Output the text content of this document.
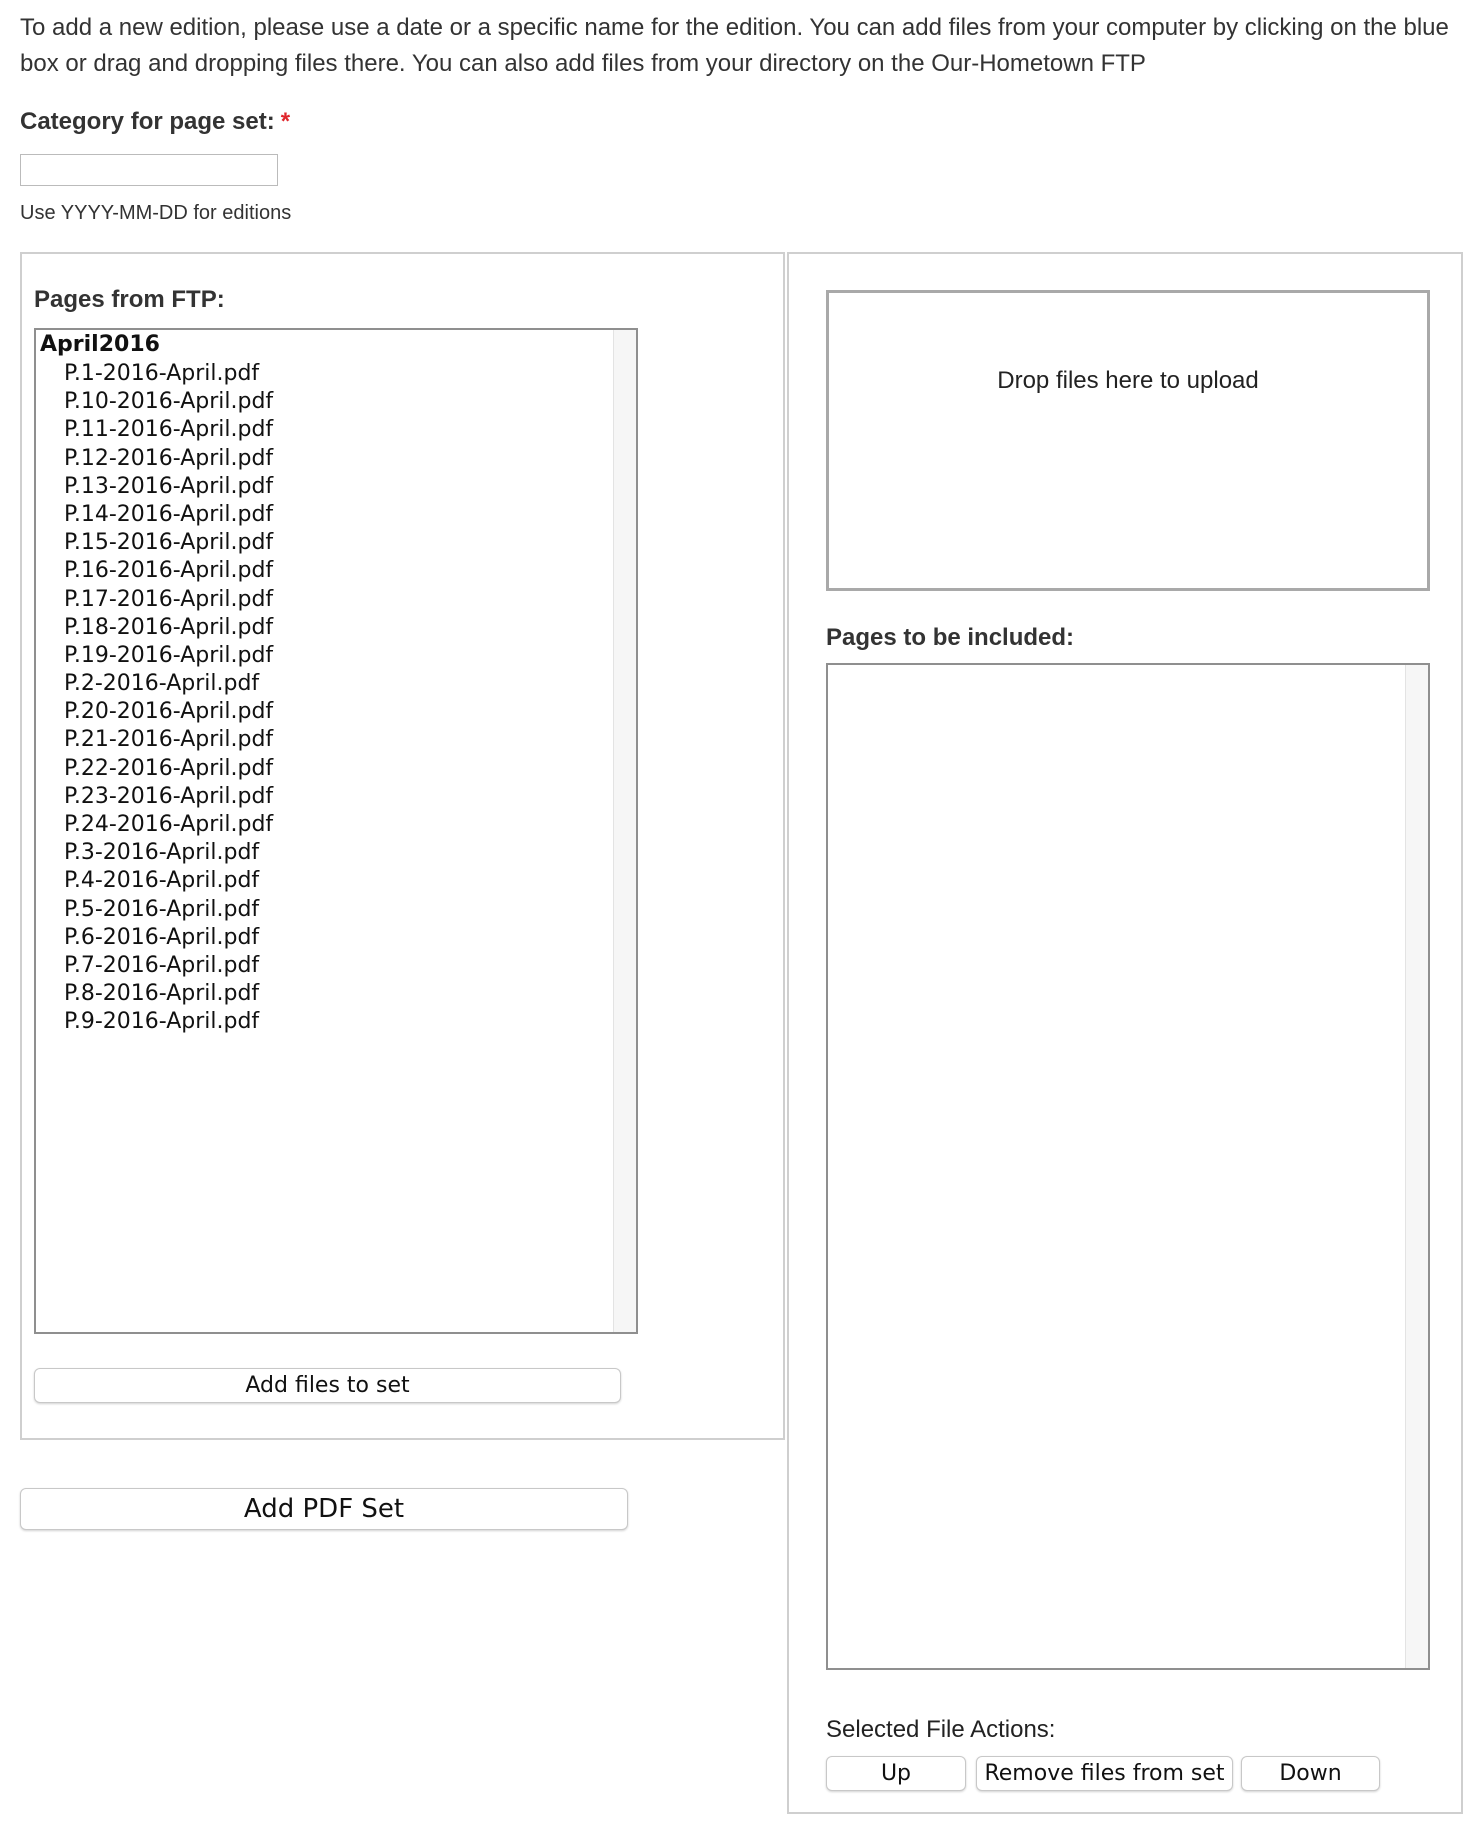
To add a new edition, please use a date or a specific name for the edition. You can add files from your computer by clicking on the blue box or drag and dropping files there. You can also add files from your directory on the Our-Hometown FTP
Category for page set: *
Use YYYY-MM-DD for editions
Pages from FTP:
April2016
P.1-2016-April.pdf
P.10-2016-April.pdf
P.11-2016-April.pdf
P.12-2016-April.pdf
P.13-2016-April.pdf
P.14-2016-April.pdf
P.15-2016-April.pdf
P.16-2016-April.pdf
P.17-2016-April.pdf
P.18-2016-April.pdf
P.19-2016-April.pdf
P.2-2016-April.pdf
P.20-2016-April.pdf
P.21-2016-April.pdf
P.22-2016-April.pdf
P.23-2016-April.pdf
P.24-2016-April.pdf
P.3-2016-April.pdf
P.4-2016-April.pdf
P.5-2016-April.pdf
P.6-2016-April.pdf
P.7-2016-April.pdf
P.8-2016-April.pdf
P.9-2016-April.pdf
Add files to set
Add PDF Set
Drop files here to upload
Pages to be included:
Selected File Actions:
Up	Remove files from set	Down
